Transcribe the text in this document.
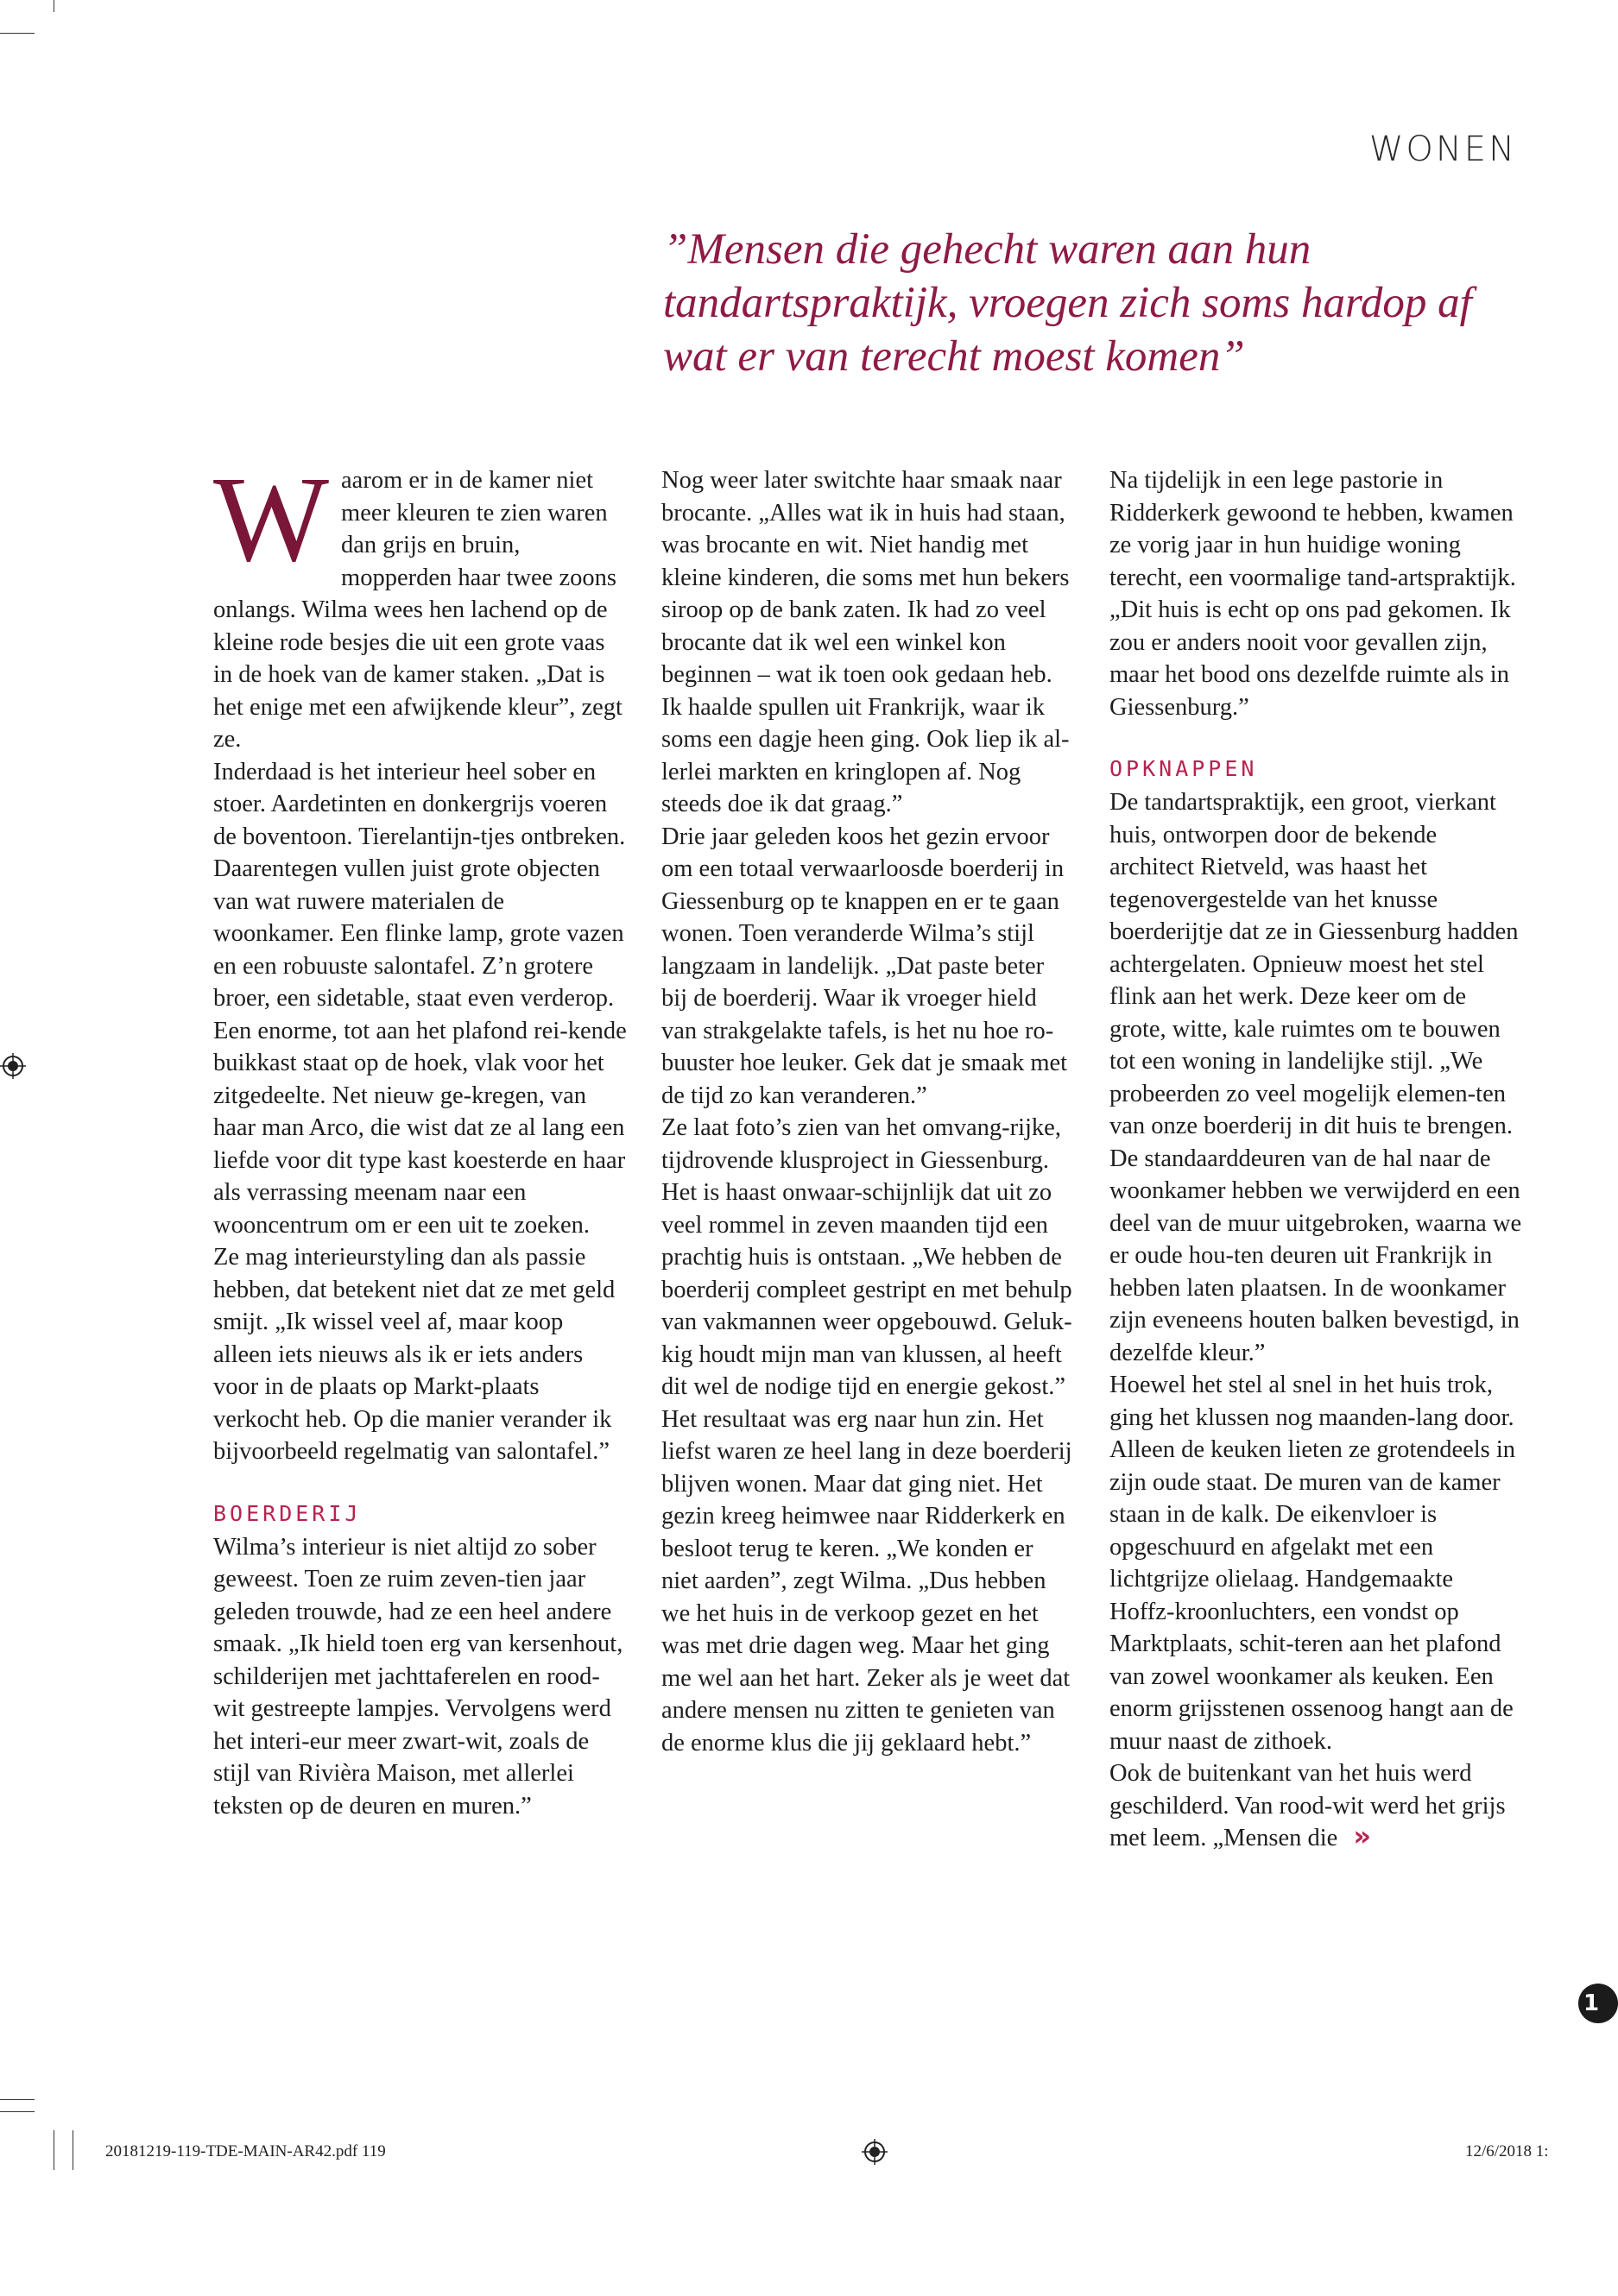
WONEN
”Mensen die gehecht waren aan hun tandartspraktijk, vroegen zich soms hardop af wat er van terecht moest komen”

Waarom er in de kamer niet meer kleuren te zien waren dan grijs en bruin, mopperden haar twee zoons onlangs. Wilma wees hen lachend op de kleine rode besjes die uit een grote vaas in de hoek van de kamer staken. „Dat is het enige met een afwijkende kleur”, zegt ze.

Inderdaad is het interieur heel sober en stoer. Aardetinten en donkergrijs voeren de boventoon. Tierelantijn-tjes ontbreken. Daarentegen vullen juist grote objecten van wat ruwere materialen de woonkamer. Een flinke lamp, grote vazen en een robuuste salontafel. Z’n grotere broer, een sidetable, staat even verderop.

Een enorme, tot aan het plafond rei-kende buikkast staat op de hoek, vlak voor het zitgedeelte. Net nieuw ge-kregen, van haar man Arco, die wist dat ze al lang een liefde voor dit type kast koesterde en haar als verrassing meenam naar een wooncentrum om er een uit te zoeken.

Ze mag interieurstyling dan als passie hebben, dat betekent niet dat ze met geld smijt. „Ik wissel veel af, maar koop alleen iets nieuws als ik er iets anders voor in de plaats op Markt-plaats verkocht heb. Op die manier verander ik bijvoorbeeld regelmatig van salontafel.”

BOERDERIJ

Wilma’s interieur is niet altijd zo sober geweest. Toen ze ruim zeven-tien jaar geleden trouwde, had ze een heel andere smaak. „Ik hield toen erg van kersenhout, schilderijen met jachttaferelen en rood-wit gestreepte lampjes. Vervolgens werd het interi-eur meer zwart-wit, zoals de stijl van Rivièra Maison, met allerlei teksten op de deuren en muren.”

Nog weer later switchte haar smaak naar brocante. „Alles wat ik in huis had staan, was brocante en wit. Niet handig met kleine kinderen, die soms met hun bekers siroop op de bank zaten. Ik had zo veel brocante dat ik wel een winkel kon beginnen – wat ik toen ook gedaan heb. Ik haalde spullen uit Frankrijk, waar ik soms een dagje heen ging. Ook liep ik al-lerlei markten en kringlopen af. Nog steeds doe ik dat graag.”

Drie jaar geleden koos het gezin ervoor om een totaal verwaarloosde boerderij in Giessenburg op te knappen en er te gaan wonen. Toen veranderde Wilma’s stijl langzaam in landelijk. „Dat paste beter bij de boerderij. Waar ik vroeger hield van strakgelakte tafels, is het nu hoe ro-buuster hoe leuker. Gek dat je smaak met de tijd zo kan veranderen.”

Ze laat foto’s zien van het omvang-rijke, tijdrovende klusproject in Giessenburg. Het is haast onwaar-schijnlijk dat uit zo veel rommel in zeven maanden tijd een prachtig huis is ontstaan. „We hebben de boerderij compleet gestript en met behulp van vakmannen weer opgebouwd. Geluk-kig houdt mijn man van klussen, al heeft dit wel de nodige tijd en energie gekost.”

Het resultaat was erg naar hun zin. Het liefst waren ze heel lang in deze boerderij blijven wonen. Maar dat ging niet. Het gezin kreeg heimwee naar Ridderkerk en besloot terug te keren. „We konden er niet aarden”, zegt Wilma. „Dus hebben we het huis in de verkoop gezet en het was met drie dagen weg. Maar het ging me wel aan het hart. Zeker als je weet dat andere mensen nu zitten te genieten van de enorme klus die jij geklaard hebt.”

Na tijdelijk in een lege pastorie in Ridderkerk gewoond te hebben, kwamen ze vorig jaar in hun huidige woning terecht, een voormalige tand-artspraktijk. „Dit huis is echt op ons pad gekomen. Ik zou er anders nooit voor gevallen zijn, maar het bood ons dezelfde ruimte als in Giessenburg.”

OPKNAPPEN

De tandartspraktijk, een groot, vierkant huis, ontworpen door de bekende architect Rietveld, was haast het tegenovergestelde van het knusse boerderijtje dat ze in Giessenburg hadden achtergelaten. Opnieuw moest het stel flink aan het werk. Deze keer om de grote, witte, kale ruimtes om te bouwen tot een woning in landelijke stijl. „We probeerden zo veel mogelijk elemen-ten van onze boerderij in dit huis te brengen. De standaarddeuren van de hal naar de woonkamer hebben we verwijderd en een deel van de muur uitgebroken, waarna we er oude hou-ten deuren uit Frankrijk in hebben laten plaatsen. In de woonkamer zijn eveneens houten balken bevestigd, in dezelfde kleur.”

Hoewel het stel al snel in het huis trok, ging het klussen nog maanden-lang door. Alleen de keuken lieten ze grotendeels in zijn oude staat. De muren van de kamer staan in de kalk. De eikenvloer is opgeschuurd en afgelakt met een lichtgrijze olielaag. Handgemaakte Hoffz-kroonluchters, een vondst op Marktplaats, schit-teren aan het plafond van zowel woonkamer als keuken. Een enorm grijsstenen ossenoog hangt aan de muur naast de zithoek.

Ook de buitenkant van het huis werd geschilderd. Van rood-wit werd het grijs met leem. „Mensen die »

1
20181219-119-TDE-MAIN-AR42.pdf 119	12/6/2018 1:
